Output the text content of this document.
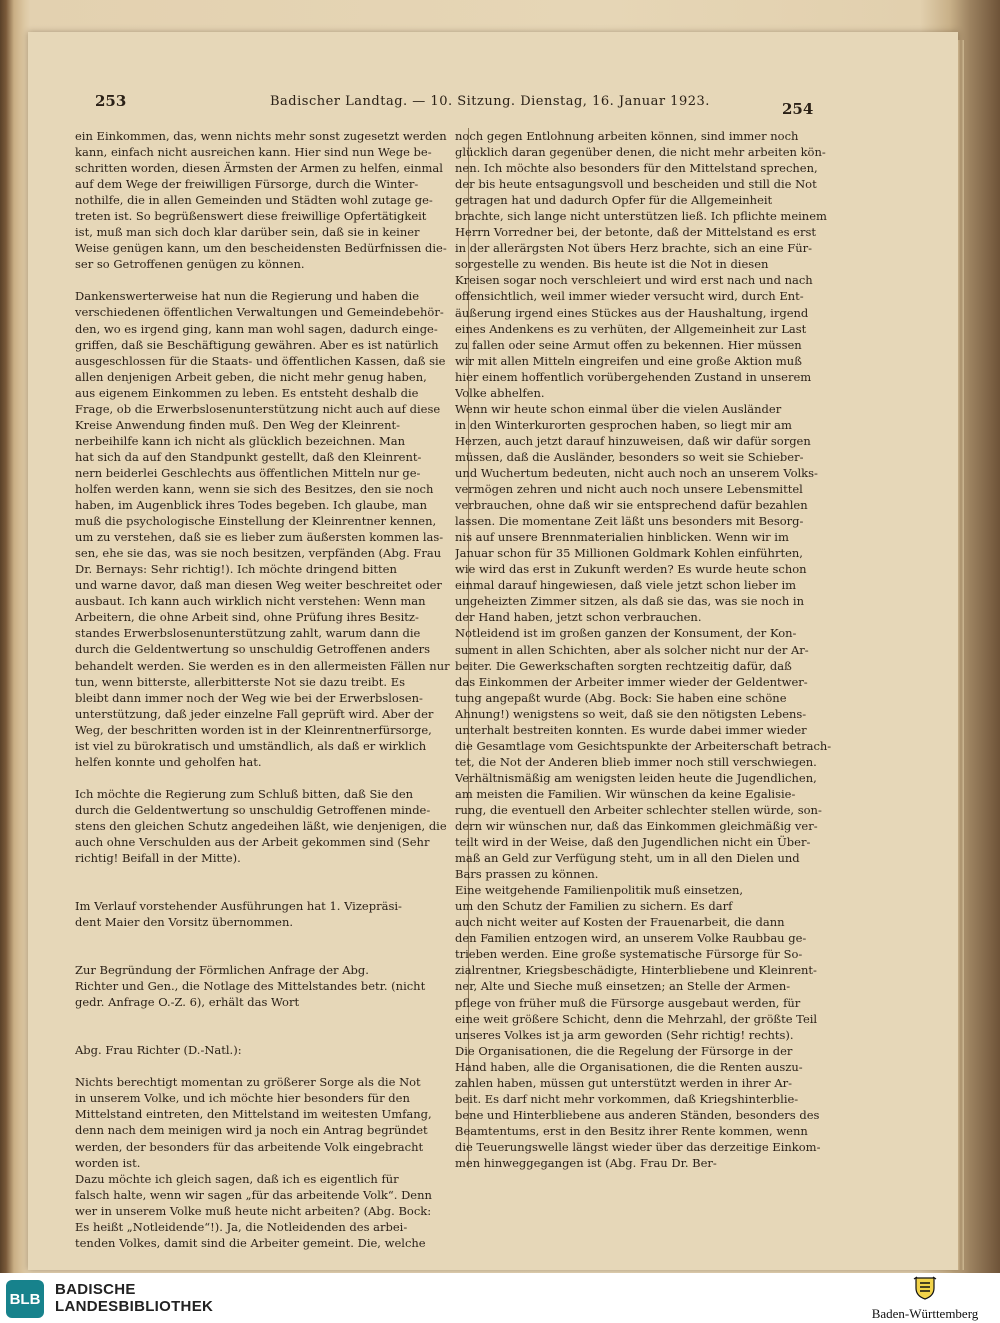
253	Badischer Landtag. — 10. Sitzung. Dienstag, 16. Januar 1923.	254
ein Einkommen, das, wenn nichts mehr sonst zugesetzt werden
kann, einfach nicht ausreichen kann. Hier sind nun Wege be-
schritten worden, diesen Ärmsten der Armen zu helfen, einmal
auf dem Wege der freiwilligen Fürsorge, durch die Winter-
nothilfe, die in allen Gemeinden und Städten wohl zutage ge-
treten ist. So begrüßenswert diese freiwillige Opfertätigkeit
ist, muß man sich doch klar darüber sein, daß sie in keiner
Weise genügen kann, um den bescheidensten Bedürfnissen die-
ser so Getroffenen genügen zu können.
Dankenswerterweise hat nun die Regierung und haben die
verschiedenen öffentlichen Verwaltungen und Gemeindebehör-
den, wo es irgend ging, kann man wohl sagen, dadurch einge-
griffen, daß sie Beschäftigung gewähren. Aber es ist natürlich
ausgeschlossen für die Staats- und öffentlichen Kassen, daß sie
allen denjenigen Arbeit geben, die nicht mehr genug haben,
aus eigenem Einkommen zu leben. Es entsteht deshalb die
Frage, ob die Erwerbslosenunterstützung nicht auch auf diese
Kreise Anwendung finden muß. Den Weg der Kleinrent-
nerbeihilfe kann ich nicht als glücklich bezeichnen. Man
hat sich da auf den Standpunkt gestellt, daß den Kleinrent-
nern beiderlei Geschlechts aus öffentlichen Mitteln nur ge-
holfen werden kann, wenn sie sich des Besitzes, den sie noch
haben, im Augenblick ihres Todes begeben. Ich glaube, man
muß die psychologische Einstellung der Kleinrentner kennen,
um zu verstehen, daß sie es lieber zum äußersten kommen las-
sen, ehe sie das, was sie noch besitzen, verpfänden (Abg. Frau
Dr. Bernays: Sehr richtig!). Ich möchte dringend bitten
und warne davor, daß man diesen Weg weiter beschreitet oder
ausbaut. Ich kann auch wirklich nicht verstehen: Wenn man
Arbeitern, die ohne Arbeit sind, ohne Prüfung ihres Besitz-
standes Erwerbslosenunterstützung zahlt, warum dann die
durch die Geldentwertung so unschuldig Getroffenen anders
behandelt werden. Sie werden es in den allermeisten Fällen nur
tun, wenn bitterste, allerbitterste Not sie dazu treibt. Es
bleibt dann immer noch der Weg wie bei der Erwerbslosen-
unterstützung, daß jeder einzelne Fall geprüft wird. Aber der
Weg, der beschritten worden ist in der Kleinrentnerfürsorge,
ist viel zu bürokratisch und umständlich, als daß er wirklich
helfen konnte und geholfen hat.
Ich möchte die Regierung zum Schluß bitten, daß Sie den
durch die Geldentwertung so unschuldig Getroffenen minde-
stens den gleichen Schutz angedeihen läßt, wie denjenigen, die
auch ohne Verschulden aus der Arbeit gekommen sind (Sehr
richtig! Beifall in der Mitte).
Im Verlauf vorstehender Ausführungen hat 1. Vizepräsi-
dent Maier den Vorsitz übernommen.
Zur Begründung der Förmlichen Anfrage der Abg.
Richter und Gen., die Notlage des Mittelstandes betr. (nicht
gedr. Anfrage O.-Z. 6), erhält das Wort
Abg. Frau Richter (D.-Natl.):
Nichts berechtigt momentan zu größerer Sorge als die Not
in unserem Volke, und ich möchte hier besonders für den
Mittelstand eintreten, den Mittelstand im weitesten Umfang,
denn nach dem meinigen wird ja noch ein Antrag begründet
werden, der besonders für das arbeitende Volk eingebracht
worden ist.
Dazu möchte ich gleich sagen, daß ich es eigentlich für
falsch halte, wenn wir sagen „für das arbeitende Volk“. Denn
wer in unserem Volke muß heute nicht arbeiten? (Abg. Bock:
Es heißt „Notleidende“!). Ja, die Notleidenden des arbei-
tenden Volkes, damit sind die Arbeiter gemeint. Die, welche
noch gegen Entlohnung arbeiten können, sind immer noch
glücklich daran gegenüber denen, die nicht mehr arbeiten kön-
nen. Ich möchte also besonders für den Mittelstand sprechen,
der bis heute entsagungsvoll und bescheiden und still die Not
getragen hat und dadurch Opfer für die Allgemeinheit
brachte, sich lange nicht unterstützen ließ. Ich pflichte meinem
Herrn Vorredner bei, der betonte, daß der Mittelstand es erst
in der allerärgsten Not übers Herz brachte, sich an eine Für-
sorgestelle zu wenden. Bis heute ist die Not in diesen
Kreisen sogar noch verschleiert und wird erst nach und nach
offensichtlich, weil immer wieder versucht wird, durch Ent-
äußerung irgend eines Stückes aus der Haushaltung, irgend
eines Andenkens es zu verhüten, der Allgemeinheit zur Last
zu fallen oder seine Armut offen zu bekennen. Hier müssen
wir mit allen Mitteln eingreifen und eine große Aktion muß
hier einem hoffentlich vorübergehenden Zustand in unserem
Volke abhelfen.
Wenn wir heute schon einmal über die vielen Ausländer
in den Winterkurorten gesprochen haben, so liegt mir am
Herzen, auch jetzt darauf hinzuweisen, daß wir dafür sorgen
müssen, daß die Ausländer, besonders so weit sie Schieber-
und Wuchertum bedeuten, nicht auch noch an unserem Volks-
vermögen zehren und nicht auch noch unsere Lebensmittel
verbrauchen, ohne daß wir sie entsprechend dafür bezahlen
lassen. Die momentane Zeit läßt uns besonders mit Besorg-
nis auf unsere Brennmaterialien hinblicken. Wenn wir im
Januar schon für 35 Millionen Goldmark Kohlen einführten,
wie wird das erst in Zukunft werden? Es wurde heute schon
einmal darauf hingewiesen, daß viele jetzt schon lieber im
ungeheizten Zimmer sitzen, als daß sie das, was sie noch in
der Hand haben, jetzt schon verbrauchen.
Notleidend ist im großen ganzen der Konsument, der Kon-
sument in allen Schichten, aber als solcher nicht nur der Ar-
beiter. Die Gewerkschaften sorgten rechtzeitig dafür, daß
das Einkommen der Arbeiter immer wieder der Geldentwer-
tung angepaßt wurde (Abg. Bock: Sie haben eine schöne
Ahnung!) wenigstens so weit, daß sie den nötigsten Lebens-
unterhalt bestreiten konnten. Es wurde dabei immer wieder
die Gesamtlage vom Gesichtspunkte der Arbeiterschaft betrach-
tet, die Not der Anderen blieb immer noch still verschwiegen.
Verhältnismäßig am wenigsten leiden heute die Jugendlichen,
am meisten die Familien. Wir wünschen da keine Egalisie-
rung, die eventuell den Arbeiter schlechter stellen würde, son-
dern wir wünschen nur, daß das Einkommen gleichmäßig ver-
teilt wird in der Weise, daß den Jugendlichen nicht ein Über-
maß an Geld zur Verfügung steht, um in all den Dielen und
Bars prassen zu können.
Eine weitgehende Familienpolitik muß einsetzen,
um den Schutz der Familien zu sichern. Es darf
auch nicht weiter auf Kosten der Frauenarbeit, die dann
den Familien entzogen wird, an unserem Volke Raubbau ge-
trieben werden. Eine große systematische Fürsorge für So-
zialrentner, Kriegsbeschädigte, Hinterbliebene und Kleinrent-
ner, Alte und Sieche muß einsetzen; an Stelle der Armen-
pflege von früher muß die Fürsorge ausgebaut werden, für
eine weit größere Schicht, denn die Mehrzahl, der größte Teil
unseres Volkes ist ja arm geworden (Sehr richtig! rechts).
Die Organisationen, die die Regelung der Fürsorge in der
Hand haben, alle die Organisationen, die die Renten auszu-
zahlen haben, müssen gut unterstützt werden in ihrer Ar-
beit. Es darf nicht mehr vorkommen, daß Kriegshinterblie-
bene und Hinterbliebene aus anderen Ständen, besonders des
Beamtentums, erst in den Besitz ihrer Rente kommen, wenn
die Teuerungswelle längst wieder über das derzeitige Einkom-
men hinweggegangen ist (Abg. Frau Dr. Ber-
BLB
BADISCHE
LANDESBIBLIOTHEK	Baden-Württemberg
